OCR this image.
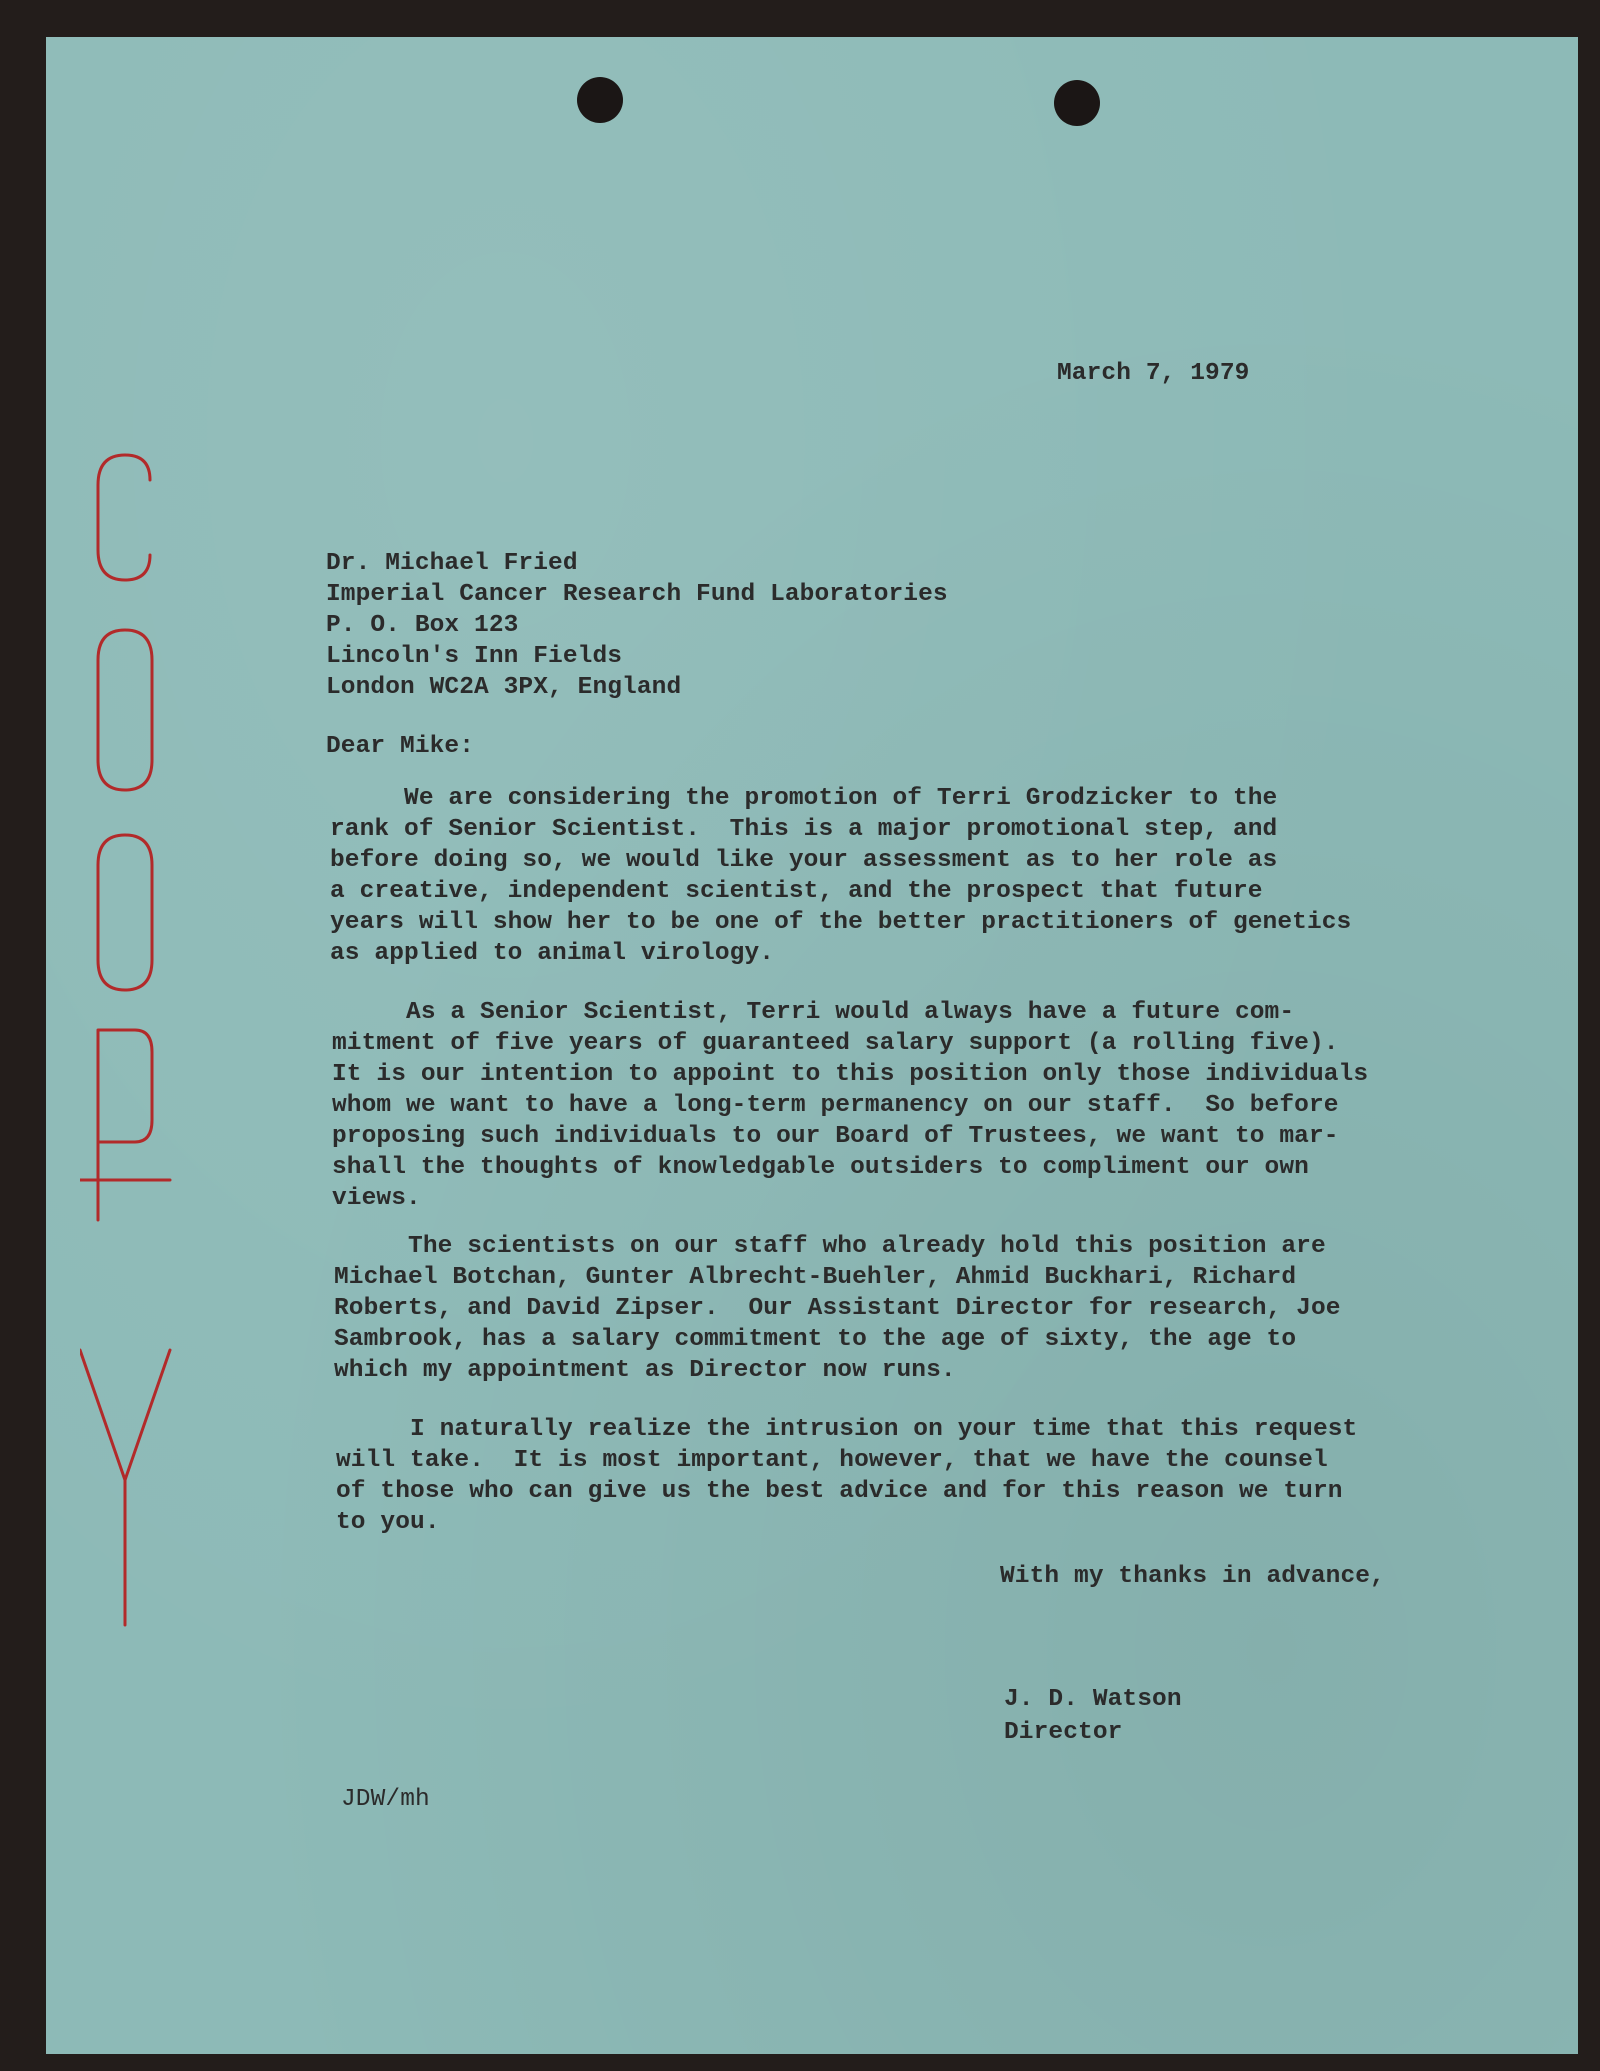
March 7, 1979
Dr. Michael Fried
Imperial Cancer Research Fund Laboratories
P. O. Box 123
Lincoln's Inn Fields
London WC2A 3PX, England
Dear Mike:
We are considering the promotion of Terri Grodzicker to the
rank of Senior Scientist.  This is a major promotional step, and
before doing so, we would like your assessment as to her role as
a creative, independent scientist, and the prospect that future
years will show her to be one of the better practitioners of genetics
as applied to animal virology.
As a Senior Scientist, Terri would always have a future com-
mitment of five years of guaranteed salary support (a rolling five).
It is our intention to appoint to this position only those individuals
whom we want to have a long-term permanency on our staff.  So before
proposing such individuals to our Board of Trustees, we want to mar-
shall the thoughts of knowledgable outsiders to compliment our own
views.
The scientists on our staff who already hold this position are
Michael Botchan, Gunter Albrecht-Buehler, Ahmid Buckhari, Richard
Roberts, and David Zipser.  Our Assistant Director for research, Joe
Sambrook, has a salary commitment to the age of sixty, the age to
which my appointment as Director now runs.
I naturally realize the intrusion on your time that this request
will take.  It is most important, however, that we have the counsel
of those who can give us the best advice and for this reason we turn
to you.
With my thanks in advance,
J. D. Watson
Director
JDW/mh
